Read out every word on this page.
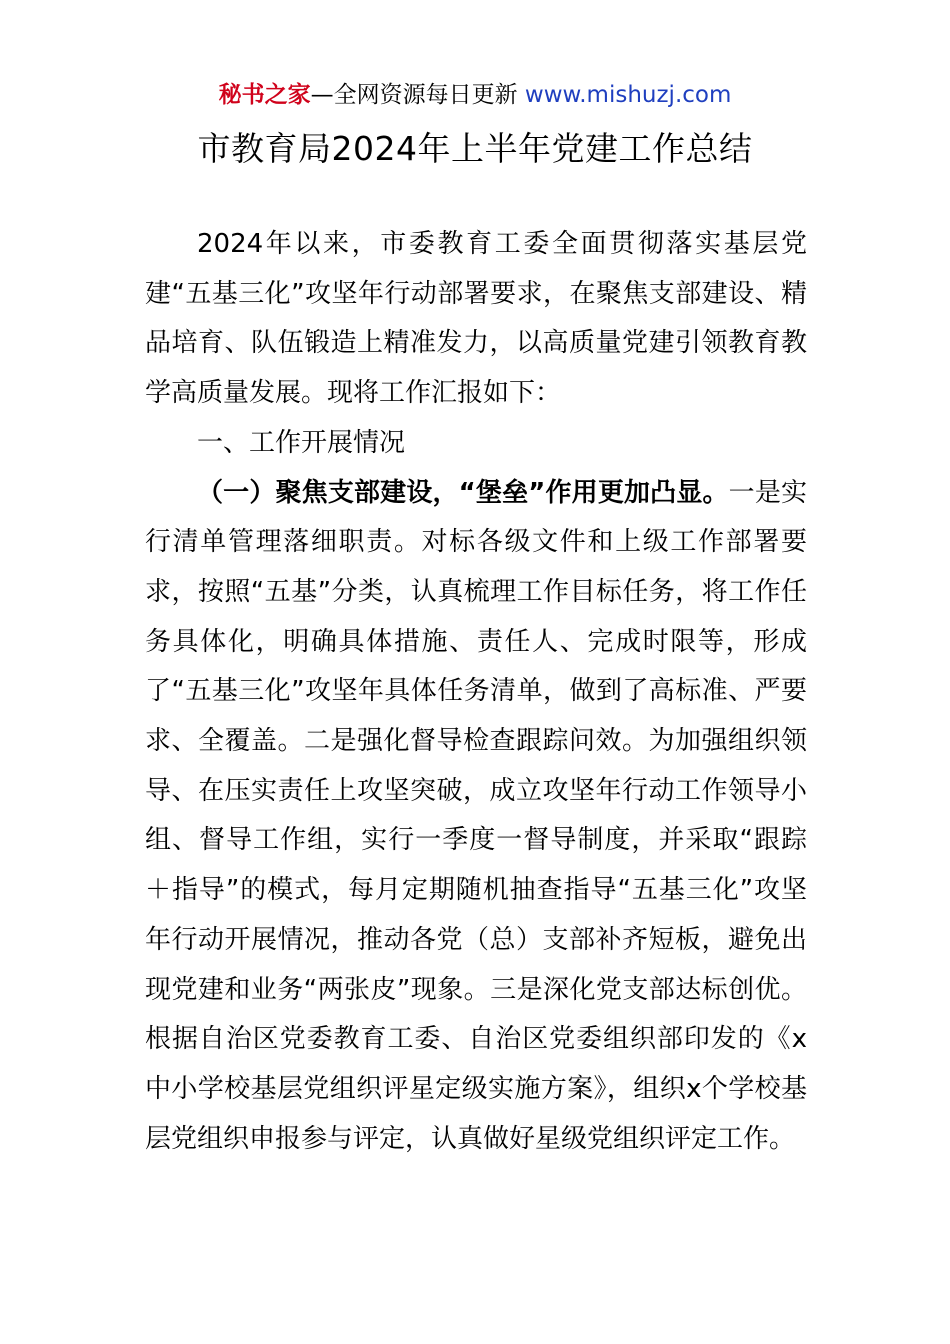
秘书之家—全网资源每日更新 www.mishuzj.com
市教育局2024年上半年党建工作总结

2024年以来，市委教育工委全面贯彻落实基层党建“五基三化”攻坚年行动部署要求，在聚焦支部建设、精品培育、队伍锻造上精准发力，以高质量党建引领教育教学高质量发展。现将工作汇报如下：

一、工作开展情况

（一）聚焦支部建设，“堡垒”作用更加凸显。一是实行清单管理落细职责。对标各级文件和上级工作部署要求，按照“五基”分类，认真梳理工作目标任务，将工作任务具体化，明确具体措施、责任人、完成时限等，形成了“五基三化”攻坚年具体任务清单，做到了高标准、严要求、全覆盖。二是强化督导检查跟踪问效。为加强组织领导、在压实责任上攻坚突破，成立攻坚年行动工作领导小组、督导工作组，实行一季度一督导制度，并采取“跟踪＋指导”的模式，每月定期随机抽查指导“五基三化”攻坚年行动开展情况，推动各党（总）支部补齐短板，避免出现党建和业务“两张皮”现象。三是深化党支部达标创优。根据自治区党委教育工委、自治区党委组织部印发的《x中小学校基层党组织评星定级实施方案》，组织x个学校基层党组织申报参与评定，认真做好星级党组织评定工作。
